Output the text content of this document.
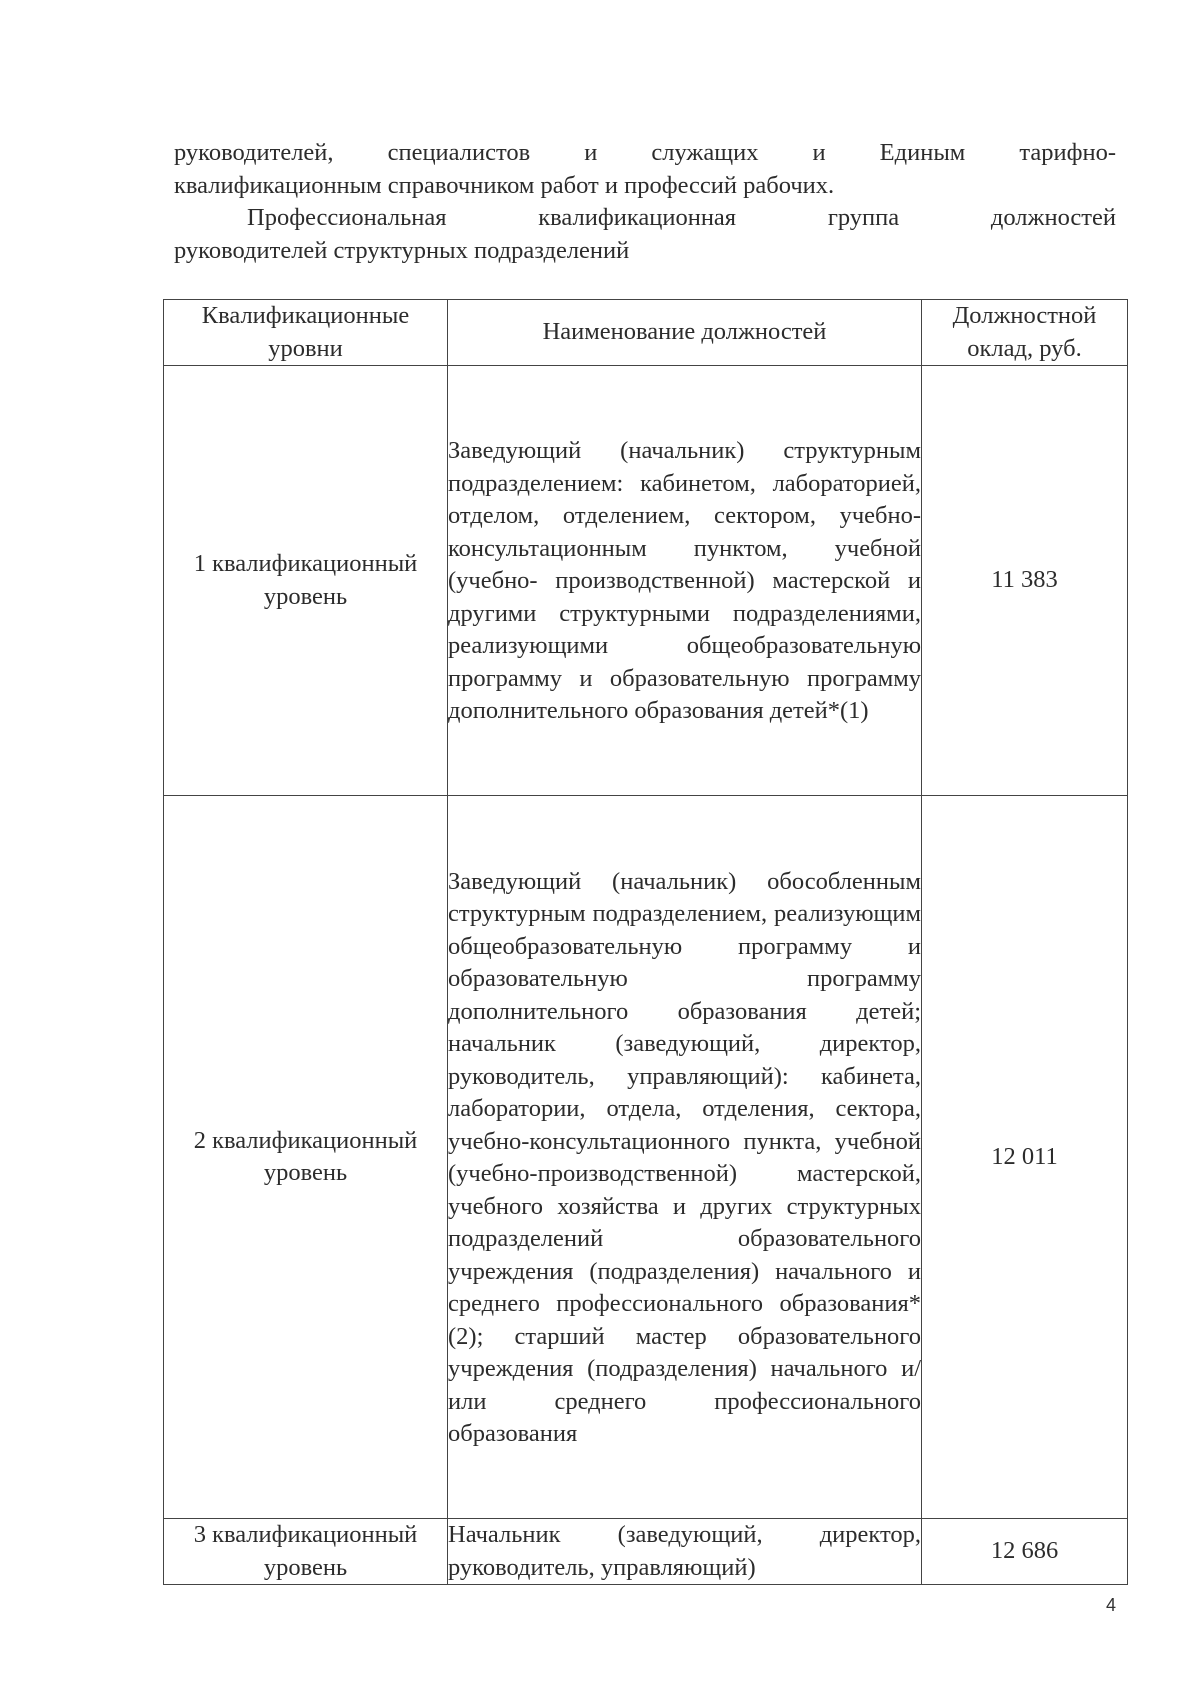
руководителей, специалистов и служащих и Единым тарифно-

квалификационным справочником работ и профессий рабочих.

Профессиональная квалификационная группа должностей

руководителей структурных подразделений

Квалификационные уровни	Наименование должностей	Должностной оклад, руб.
1 квалификационный уровень	Заведующий (начальник) структурным подразделением: кабинетом, лабораторией, отделом, отделением, сектором, учебно-консультационным пунктом, учебной (учебно- производственной) мастерской и другими структурными подразделениями, реализующими общеобразовательную программу и образовательную программу дополнительного образования детей*(1)	11 383
2 квалификационный уровень	Заведующий (начальник) обособленным структурным подразделением, реализующим общеобразовательную программу и образовательную программу дополнительного образования детей; начальник (заведующий, директор, руководитель, управляющий): кабинета, лаборатории, отдела, отделения, сектора, учебно-консультационного пункта, учебной (учебно-производственной) мастерской, учебного хозяйства и других структурных подразделений образовательного учреждения (подразделения) начального и среднего профессионального образования*(2); старший мастер образовательного учреждения (подразделения) начального и/или среднего профессионального образования	12 011
3 квалификационный уровень	Начальник (заведующий, директор, руководитель, управляющий)	12 686
4
